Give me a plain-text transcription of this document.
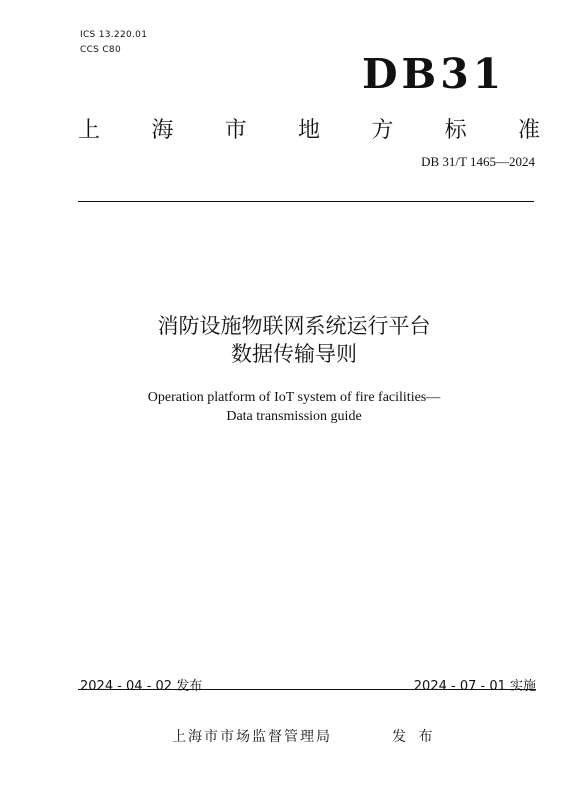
ICS 13.220.01
CCS C80	DB31
上 海 市 地 方 标 准
DB 31/T 1465—2024
消防设施物联网系统运行平台
数据传输导则
Operation platform of IoT system of fire facilities—
Data transmission guide
2024 - 04 - 02 发布	2024 - 07 - 01 实施
上海市市场监督管理局	发 布
